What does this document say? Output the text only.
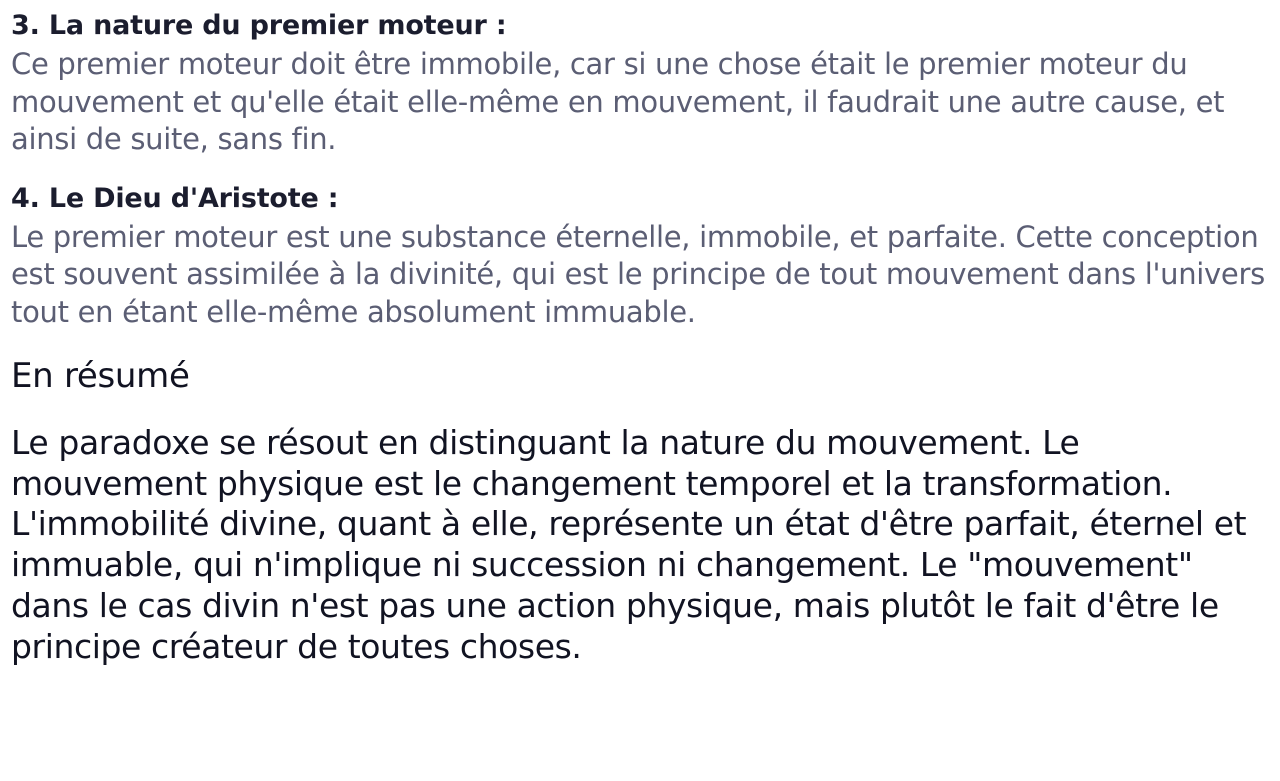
3. La nature du premier moteur :

Ce premier moteur doit être immobile, car si une chose était le premier moteur du mouvement et qu'elle était elle-même en mouvement, il faudrait une autre cause, et ainsi de suite, sans fin.

4. Le Dieu d'Aristote :

Le premier moteur est une substance éternelle, immobile, et parfaite. Cette conception est souvent assimilée à la divinité, qui est le principe de tout mouvement dans l'univers tout en étant elle-même absolument immuable.

En résumé

Le paradoxe se résout en distinguant la nature du mouvement. Le mouvement physique est le changement temporel et la transformation. L'immobilité divine, quant à elle, représente un état d'être parfait, éternel et immuable, qui n'implique ni succession ni changement. Le "mouvement" dans le cas divin n'est pas une action physique, mais plutôt le fait d'être le principe créateur de toutes choses.
